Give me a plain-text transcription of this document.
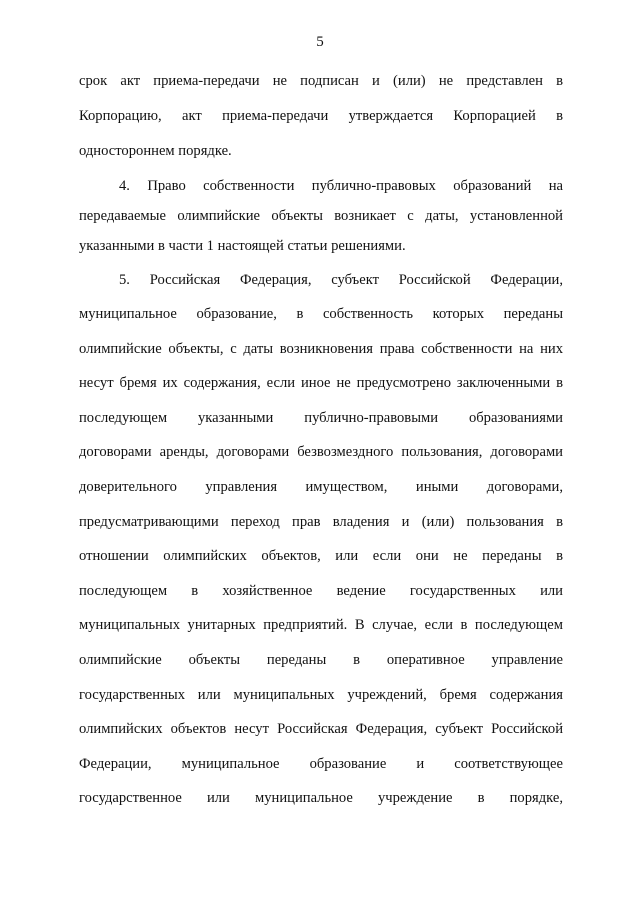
5
срок акт приема-передачи не подписан и (или) не представлен в
Корпорацию, акт приема-передачи утверждается Корпорацией в
одностороннем порядке.
4. Право собственности публично-правовых образований на
передаваемые олимпийские объекты возникает с даты, установленной
указанными в части 1 настоящей статьи решениями.
5. Российская Федерация, субъект Российской Федерации,
муниципальное образование, в собственность которых переданы
олимпийские объекты, с даты возникновения права собственности на них
несут бремя их содержания, если иное не предусмотрено заключенными в
последующем указанными публично-правовыми образованиями
договорами аренды, договорами безвозмездного пользования, договорами
доверительного управления имуществом, иными договорами,
предусматривающими переход прав владения и (или) пользования в
отношении олимпийских объектов, или если они не переданы в
последующем в хозяйственное ведение государственных или
муниципальных унитарных предприятий. В случае, если в последующем
олимпийские объекты переданы в оперативное управление
государственных или муниципальных учреждений, бремя содержания
олимпийских объектов несут Российская Федерация, субъект Российской
Федерации, муниципальное образование и соответствующее
государственное или муниципальное учреждение в порядке,
